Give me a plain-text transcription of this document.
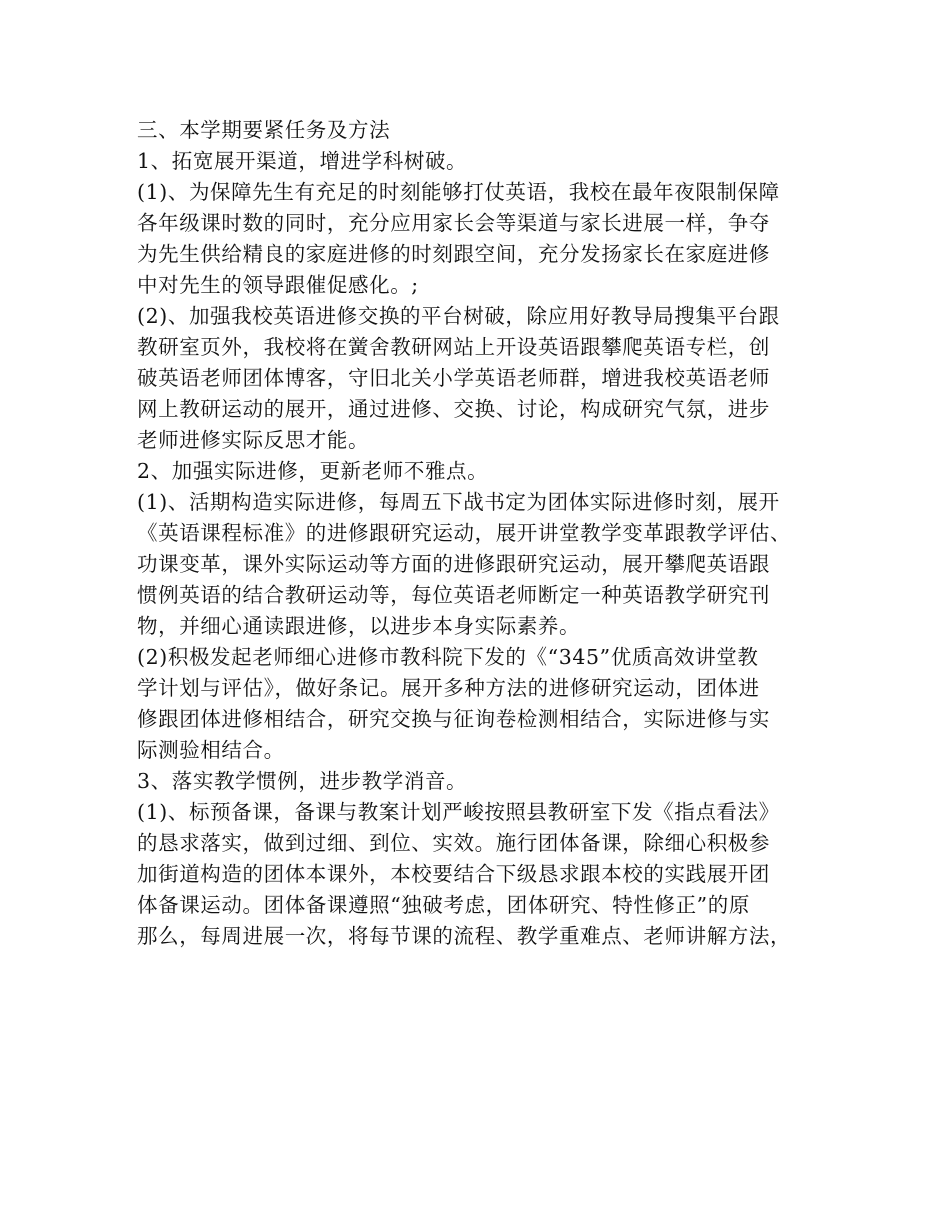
三、本学期要紧任务及方法
1、拓宽展开渠道，增进学科树破。
(1)、为保障先生有充足的时刻能够打仗英语，我校在最年夜限制保障
各年级课时数的同时，充分应用家长会等渠道与家长进展一样，争夺
为先生供给精良的家庭进修的时刻跟空间，充分发扬家长在家庭进修
中对先生的领导跟催促感化。;
(2)、加强我校英语进修交换的平台树破，除应用好教导局搜集平台跟
教研室页外，我校将在黉舍教研网站上开设英语跟攀爬英语专栏，创
破英语老师团体博客，守旧北关小学英语老师群，增进我校英语老师
网上教研运动的展开，通过进修、交换、讨论，构成研究气氛，进步
老师进修实际反思才能。
2、加强实际进修，更新老师不雅点。
(1)、活期构造实际进修，每周五下战书定为团体实际进修时刻，展开
《英语课程标准》的进修跟研究运动，展开讲堂教学变革跟教学评估、
功课变革，课外实际运动等方面的进修跟研究运动，展开攀爬英语跟
惯例英语的结合教研运动等，每位英语老师断定一种英语教学研究刊
物，并细心通读跟进修，以进步本身实际素养。
(2)积极发起老师细心进修市教科院下发的《“345”优质高效讲堂教
学计划与评估》，做好条记。展开多种方法的进修研究运动，团体进
修跟团体进修相结合，研究交换与征询卷检测相结合，实际进修与实
际测验相结合。
3、落实教学惯例，进步教学消音。
(1)、标预备课，备课与教案计划严峻按照县教研室下发《指点看法》
的恳求落实，做到过细、到位、实效。施行团体备课，除细心积极参
加街道构造的团体本课外，本校要结合下级恳求跟本校的实践展开团
体备课运动。团体备课遵照“独破考虑，团体研究、特性修正”的原
那么，每周进展一次，将每节课的流程、教学重难点、老师讲解方法，
